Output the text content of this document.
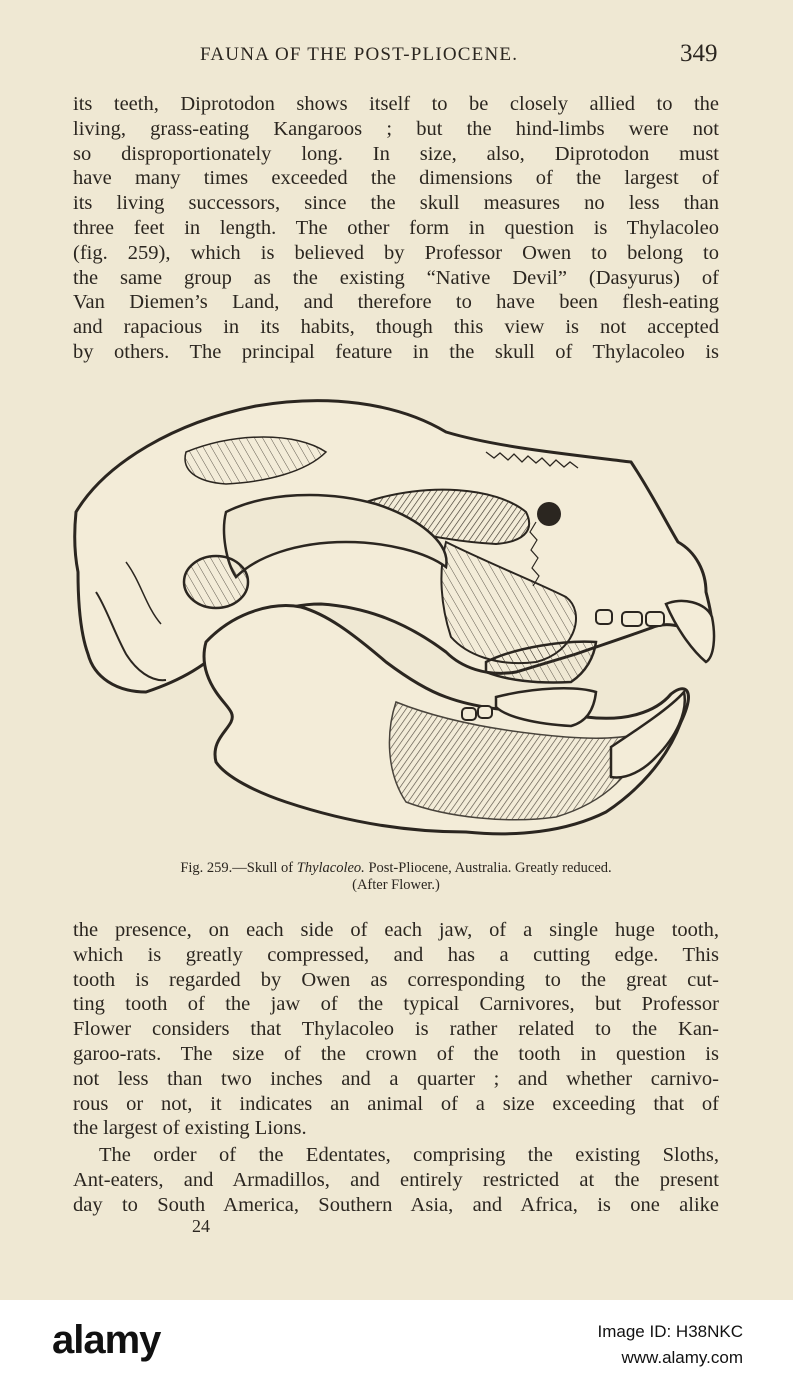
FAUNA OF THE POST-PLIOCENE.	349
its teeth, Diprotodon shows itself to be closely allied to the
living, grass-eating Kangaroos ; but the hind-limbs were not
so disproportionately long. In size, also, Diprotodon must
have many times exceeded the dimensions of the largest of
its living successors, since the skull measures no less than
three feet in length. The other form in question is Thylacoleo
(fig. 259), which is believed by Professor Owen to belong to
the same group as the existing “Native Devil” (Dasyurus) of
Van Diemen’s Land, and therefore to have been flesh-eating
and rapacious in its habits, though this view is not accepted
by others. The principal feature in the skull of Thylacoleo is
Fig. 259.—Skull of Thylacoleo. Post-Pliocene, Australia. Greatly reduced.
(After Flower.)
the presence, on each side of each jaw, of a single huge tooth,
which is greatly compressed, and has a cutting edge. This
tooth is regarded by Owen as corresponding to the great cut-
ting tooth of the jaw of the typical Carnivores, but Professor
Flower considers that Thylacoleo is rather related to the Kan-
garoo-rats. The size of the crown of the tooth in question is
not less than two inches and a quarter ; and whether carnivo-
rous or not, it indicates an animal of a size exceeding that of
the largest of existing Lions.
The order of the Edentates, comprising the existing Sloths,
Ant-eaters, and Armadillos, and entirely restricted at the present
day to South America, Southern Asia, and Africa, is one alike
24
alamy	Image ID: H38NKC
www.alamy.com
